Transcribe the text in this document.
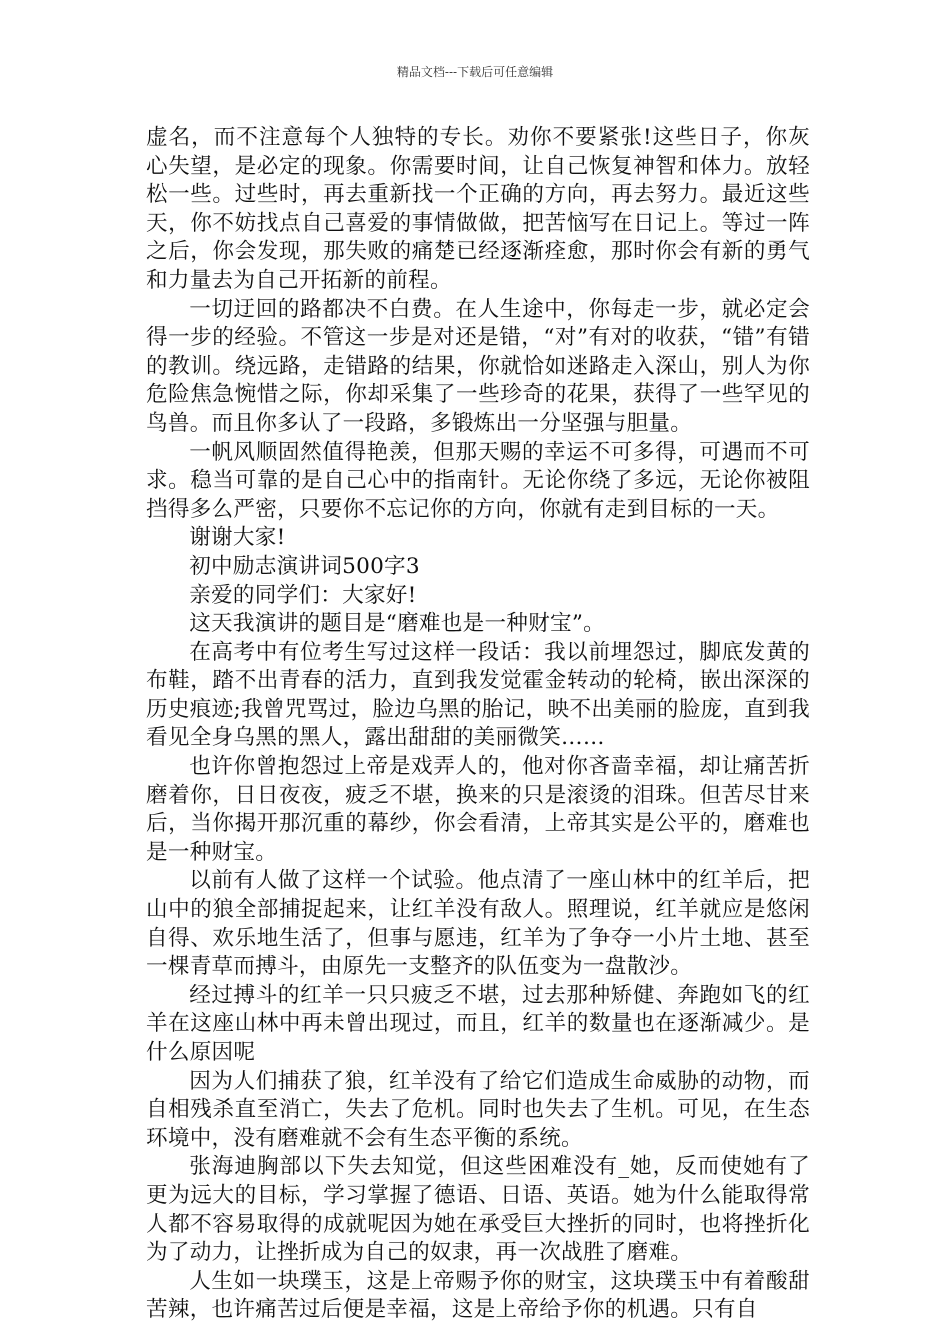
精品文档---下载后可任意编辑

虚名，而不注意每个人独特的专长。劝你不要紧张!这些日子，你灰心失望，是必定的现象。你需要时间，让自己恢复神智和体力。放轻松一些。过些时，再去重新找一个正确的方向，再去努力。最近这些天，你不妨找点自己喜爱的事情做做，把苦恼写在日记上。等过一阵之后，你会发现，那失败的痛楚已经逐渐痊愈，那时你会有新的勇气和力量去为自己开拓新的前程。

一切迂回的路都决不白费。在人生途中，你每走一步，就必定会得一步的经验。不管这一步是对还是错，“对”有对的收获，“错”有错的教训。绕远路，走错路的结果，你就恰如迷路走入深山，别人为你危险焦急惋惜之际，你却采集了一些珍奇的花果，获得了一些罕见的鸟兽。而且你多认了一段路，多锻炼出一分坚强与胆量。

一帆风顺固然值得艳羡，但那天赐的幸运不可多得，可遇而不可求。稳当可靠的是自己心中的指南针。无论你绕了多远，无论你被阻挡得多么严密，只要你不忘记你的方向，你就有走到目标的一天。

谢谢大家!

初中励志演讲词500字3

亲爱的同学们：大家好!

这天我演讲的题目是“磨难也是一种财宝”。

在高考中有位考生写过这样一段话：我以前埋怨过，脚底发黄的布鞋，踏不出青春的活力，直到我发觉霍金转动的轮椅，嵌出深深的历史痕迹;我曾咒骂过，脸边乌黑的胎记，映不出美丽的脸庞，直到我看见全身乌黑的黑人，露出甜甜的美丽微笑……

也许你曾抱怨过上帝是戏弄人的，他对你吝啬幸福，却让痛苦折磨着你，日日夜夜，疲乏不堪，换来的只是滚烫的泪珠。但苦尽甘来后，当你揭开那沉重的幕纱，你会看清，上帝其实是公平的，磨难也是一种财宝。

以前有人做了这样一个试验。他点清了一座山林中的红羊后，把山中的狼全部捕捉起来，让红羊没有敌人。照理说，红羊就应是悠闲自得、欢乐地生活了，但事与愿违，红羊为了争夺一小片土地、甚至一棵青草而搏斗，由原先一支整齐的队伍变为一盘散沙。

经过搏斗的红羊一只只疲乏不堪，过去那种矫健、奔跑如飞的红羊在这座山林中再未曾出现过，而且，红羊的数量也在逐渐减少。是什么原因呢

因为人们捕获了狼，红羊没有了给它们造成生命威胁的动物，而自相残杀直至消亡，失去了危机。同时也失去了生机。可见，在生态环境中，没有磨难就不会有生态平衡的系统。

张海迪胸部以下失去知觉，但这些困难没有_她，反而使她有了更为远大的目标，学习掌握了德语、日语、英语。她为什么能取得常人都不容易取得的成就呢因为她在承受巨大挫折的同时，也将挫折化为了动力，让挫折成为自己的奴隶，再一次战胜了磨难。

人生如一块璞玉，这是上帝赐予你的财宝，这块璞玉中有着酸甜苦辣，也许痛苦过后便是幸福，这是上帝给予你的机遇。只有自
